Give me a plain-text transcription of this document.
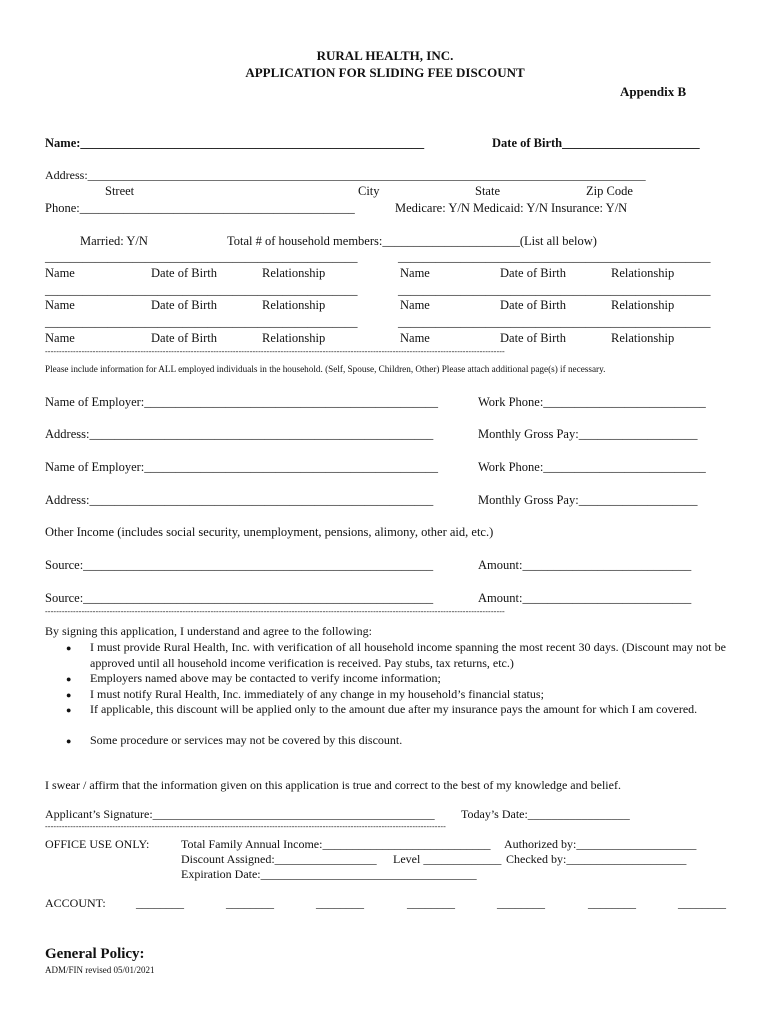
RURAL HEALTH, INC.
APPLICATION FOR SLIDING FEE DISCOUNT
Appendix B
Name:_______________________________________________________	Date of Birth______________________
Address:_____________________________________________________________________________________________
Street	City	State	Zip Code
Phone:____________________________________________	Medicare: Y/N Medicaid: Y/N Insurance: Y/N
Married: Y/N	Total # of household members:______________________(List all below)
__________________________________________________	__________________________________________________
Name	Date of Birth	Relationship	Name	Date of Birth	Relationship
__________________________________________________	__________________________________________________
Name	Date of Birth	Relationship	Name	Date of Birth	Relationship
__________________________________________________	__________________________________________________
Name	Date of Birth	Relationship	Name	Date of Birth	Relationship
--------------------------------------------------------------------------------------------------------------------------------------------------------------------
Please include information for ALL employed individuals in the household. (Self, Spouse, Children, Other) Please attach additional page(s) if necessary.
Name of Employer:_______________________________________________	Work Phone:__________________________
Address:_______________________________________________________	Monthly Gross Pay:___________________
Name of Employer:_______________________________________________	Work Phone:__________________________
Address:_______________________________________________________	Monthly Gross Pay:___________________
Other Income (includes social security, unemployment, pensions, alimony, other aid, etc.)
Source:________________________________________________________	Amount:___________________________
Source:________________________________________________________	Amount:___________________________
--------------------------------------------------------------------------------------------------------------------------------------------------------------------
By signing this application, I understand and agree to the following:
● I must provide Rural Health, Inc. with verification of all household income spanning the most recent 30 days. (Discount may not be approved until all household income verification is received. Pay stubs, tax returns, etc.)
● Employers named above may be contacted to verify income information;
● I must notify Rural Health, Inc. immediately of any change in my household’s financial status;
● If applicable, this discount will be applied only to the amount due after my insurance pays the amount for which I am covered.
● Some procedure or services may not be covered by this discount.
I swear / affirm that the information given on this application is true and correct to the best of my knowledge and belief.
Applicant’s Signature:_______________________________________________ Today’s Date:_________________
-----------------------------------------------------------------------------------------------------------------------------------------------
OFFICE USE ONLY:	Total Family Annual Income:____________________________ Authorized by:____________________
Discount Assigned:_________________ Level _____________ Checked by:____________________
Expiration Date:____________________________________
ACCOUNT:	________	________	________	________	________	________	________
General Policy:
ADM/FIN revised 05/01/2021
